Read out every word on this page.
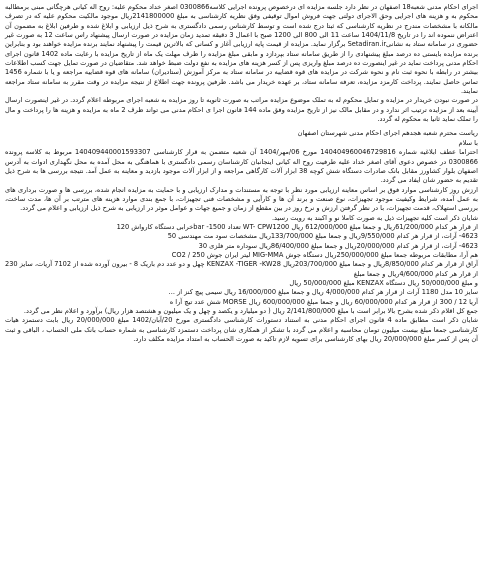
اجرای احکام مدنی شعبه18 اصفهان در نظر دارد جلسه مزایده ای درخصوص پرونده اجرایی کلاسه0300866 اصغر خداد محکوم علیه: روح اله کیانی هرچگانی مبنی برمطالبه محکوم به و هزینه های اجرایی وحق الاجرای دولتی جهت فروش اموال توقیفی وفق نظریه کارشناسی به مبلغ 2141800000ریال موجود مالکیت محکوم علیه که در تصرف مالکانه با مشخصات مندرج در نظریه کارشناسی که ثبتا درج شده است و توسط کارشناس رسمی دادگستری به شرح ذیل ارزیابی و ابلاغ شده و طرفین ابلاغ به مضمون آن اعتراض ننموده اند را در تاریخ 1404/11/8 ساعت 11 الی 800 الی 1200 صبح با اعمال 3 دقیقه تمدید زمان مزایده در صورت ارسال پیشنهاد راس ساعت 12 به صورت غیر حضوری در سامانه ستاد به نشانیSetadiran.ir برگزار نماید. مزایده از قیمت پایه ارزیابی آغاز و کسانی که بالاترین قیمت را پیشنهاد نمایند برنده مزایده خواهند بود و بنابراین برنده مزایده بایستی ده درصد مبلغ پیشنهادی را از طریق سامانه ستاد بپردازد و مابقی مبلغ مزایده را ظرف مهلت یک ماه از تاریخ مزایده با رعایت ماده 1402 قانون اجرای احکام مدنی پرداخت نماید در غیر اینصورت ده درصد مبلغ واریزی پس از کسر هزینه های مزایده به نفع دولت ضبط خواهد شد. متقاضیان در صورت تمایل جهت کسب اطلاعات بیشتر در رابطه با نحوه ثبت نام و نحوه شرکت در مزایده های قوه قضاییه در سامانه ستاد به مرکز آموزش (ستادیران) سامانه های قوه قضاییه مراجعه و یا با شماره 1456 تماس حاصل نمایند. پرداخت کارمزد مزایده، تعرفه سامانه ستاد، بر عهده خریدار می باشد. طرفین پرونده جهت اطلاع از نتیجه مزایده در وقت مقرر به سامانه ستاد مراجعه نمایند.

در صورت نبودن خریدار در مزایده و تمایل محکوم له به تملک موضوع مزایده مراتب به صورت ثانویه تا روز مزایده به شعبه اجرای مربوطه اعلام گردد. در غیر اینصورت ارسال آیینه بعد از مزایده ترتیب اثر ندارد و در مقابل مالک نیز از تاریخ مزایده وفق ماده 144 قانون اجرا ی احکام مدنی می تواند ظرف 2 ماه به مزایده و هزینه ها را پرداخت و مال را تملک نماید ثانیا به محکوم له گردد.

ریاست محترم شعبه هجدهم اجرای احکام مدنی شهرستان اصفهان

با سلام

احتراما عطف ابلاغیه شماره 140404960046729816 مورخ 06/مهر/1404 آن شعبه متضمن به قرار کارشناسی 140409440001593307 مربوط به کلاسه پرونده 0300866 در خصوص دعوی آقای اصغر خداد علیه طرفیت روح اله کیانی اینجانبان کارشناسان رسمی دادگستری با هماهنگی به محل آمده به محل نگهداری ادوات به آدرس اصفهان بلوار کشاورز مقابل بانک صادرات دستگاه شش کوچه 38 ابزار آلات کارگاهی مراجعه و از ابزار آلات موجود بازدید و معاینه به عمل آمد. نتیجه بررسی ها به شرح ذیل تقدیم به حضور شان ایفاد می گردد.

ارزش روز کارشناسی موارد فوق بر اساس معاینه ارزیابی مورد نظر با توجه به مستندات و مدارک ارزیابی و با حمایت به مزایده انجام شده، بررسی ها و صورت برداری های به عمل آمده، شرایط وکیفیت موجود تجهیزات، نوع صنعت و برند آن ها و کارآیی و مشخصات فنی تجهیزات، با جمع بندی موارد هزینه های مترتب بر آن ها، مدت ساخت، بررسی استهلاک، قدمت تجهیزات، با در نظر گرفتن ارزش و نرخ روز در بین مقطع از زمان و جمیع جهات و عوامل موثر در ارزیابی به شرح ذیل ارزیابی و اعلام می گردد.

شایان ذکر است کلیه تجهیزات ذیل به صورت کاملا نو و اکبند به رویت رسید.

از قرار هر کدام 61/200/000ریال و جمعا مبلغ 612/000/000 ریال WT- CPW1200 تعداد 1500- barخرابی دستگاه کارواش 120

4623- آرات، از قرار هر کدام 9/550/000ریال و جمعا مبلغ 133/700/000ریال مشخصات سود مت مهندسی 50

4623- آرات، از قرار هر کدام 20/000/000ریال و جمعا مبلغ 86/400/000ریال سوداره متر فلزی 30

هم آرا، مطابقات مربوطه جمعا مبلغ 250/000/000ریال دستگاه جوش MIG-MMA لیتر ایران جوش 250 / CO2

آراق از قرار هر کدام 8/850/000ریال و جمعا مبلغ 203/700/000ریال KENZAX -TIGER -KW28 چهل و دو عدد دم باریک 8 - بیرون آورده شده از 7102 آریات، سایز 230 از قرار هر کدام 4/600/000ریال و جمعا مبلغ

و مبلغ 50/000/000 ریال دستگاه KENZAX مبلغ 50/000/000 ریال

سایز 10 مدل 1180 آرات از قرار هر کدام 4/000/000 ریال و جمعا مبلغ 16/000/000 ریال سیمی پیچ کنز از ...

آریا 12 / 300 از قرار هر کدام 60/000/000 ریال و جمعا مبلغ 600/000/000 ریال MORSE شش عدد تیچ آرا ه

جمع کل اقلام ذکر شده بشرح بالا برابر است با مبلغ 2/141/800/000 ریال ( دو میلیارد و یکصد و چهل و یک میلیون و هشتصد هزار ریال) برآورد و اعلام نظر می گردد.

شایان ذکر است مطابق ماده 4 قانون اجرای احکام مدنی به استناد دستورات کارشناسی دادگستری مورخ 20/آبان/1402 مبلغ 20/000/000 ریال بابت دستمزد هیات کارشناسی جمعا مبلغ بیست میلیون تومان محاسبه و اعلام می گردد با تشکر از همکاری شان پرداخت دستمزد کارشناسی به شماره حساب بانک ملی الحساب ، الباقی و ثبت آن پس از کسر مبلغ 20/000/000 ریال بهای کارشناسی برای تسویه لازم تاکید به صورت الحساب به امتداد مزایده مکلف دارد.
